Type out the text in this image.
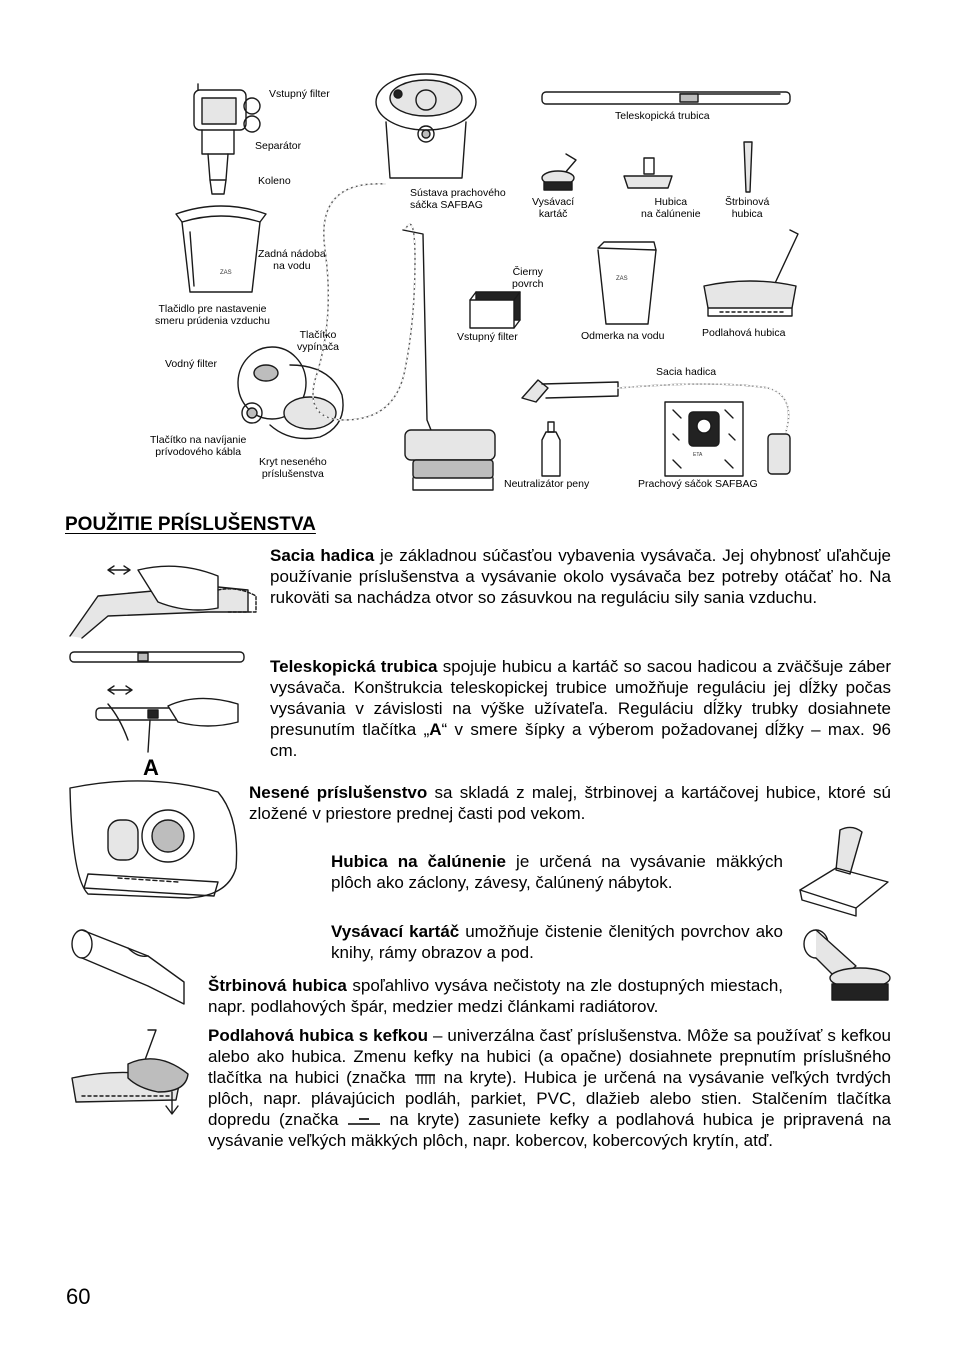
Vstupný filter
Separátor
Koleno
ZAS
Zadná nádoba
na vodu
Tlačidlo pre nastavenie
smeru prúdenia vzduchu
Tlačítko
vypínača
Vodný filter
Tlačítko na navíjanie
prívodového kábla
Kryt neseného
príslušenstva
Sústava prachového
sáčka SAFBAG
Teleskopická trubica
Vysávací
kartáč
Hubica
na čalúnenie
Štrbinová
hubica
Čierny
povrch
Vstupný filter
ZAS
Odmerka na vodu	Podlahová hubica
Sacia hadica
Neutralizátor peny
ETA
Prachový sáčok SAFBAG
POUŽITIE PRÍSLUŠENSTVA
Sacia hadica je základnou súčasťou vybavenia vysávača. Jej ohybnosť uľahčuje používanie príslušenstva a vysávanie okolo vysávača bez potreby otáčať ho. Na rukoväti sa nachádza otvor so zásuvkou na reguláciu sily sania vzduchu.
A
Teleskopická trubica spojuje hubicu a kartáč so sacou hadicou a zväčšuje záber vysávača. Konštrukcia teleskopickej trubice umožňuje reguláciu jej dĺžky počas vysávania v závislosti na výške užívateľa. Reguláciu dĺžky trubky dosiahnete presunutím tlačítka „A“ v smere šípky a výberom požadovanej dĺžky – max. 96 cm.
Nesené príslušenstvo sa skladá z malej, štrbinovej a kartáčovej hubice, ktoré sú zložené v priestore prednej časti pod vekom.
Hubica na čalúnenie je určená na vysávanie mäkkých plôch ako záclony, závesy, čalúnený nábytok.
Vysávací kartáč umožňuje čistenie členitých povrchov ako knihy, rámy obrazov a pod.
Štrbinová hubica spoľahlivo vysáva nečistoty na zle dostupných miestach, napr. podlahových špár, medzier medzi článkami radiátorov.
Podlahová hubica s kefkou – univerzálna časť príslušenstva. Môže sa používať s kefkou alebo ako hubica. Zmenu kefky na hubici (a opačne) dosiahnete prepnutím príslušného tlačítka na hubici (značka  na kryte). Hubica je určená na vysávanie veľkých tvrdých plôch, napr. plávajúcich podláh, parkiet, PVC, dlažieb alebo stien. Stalčením tlačítka dopredu (značka  na kryte) zasuniete kefky a podlahová hubica je pripravená na vysávanie veľkých mäkkých plôch, napr. kobercov, kobercových krytín, atď.
60
